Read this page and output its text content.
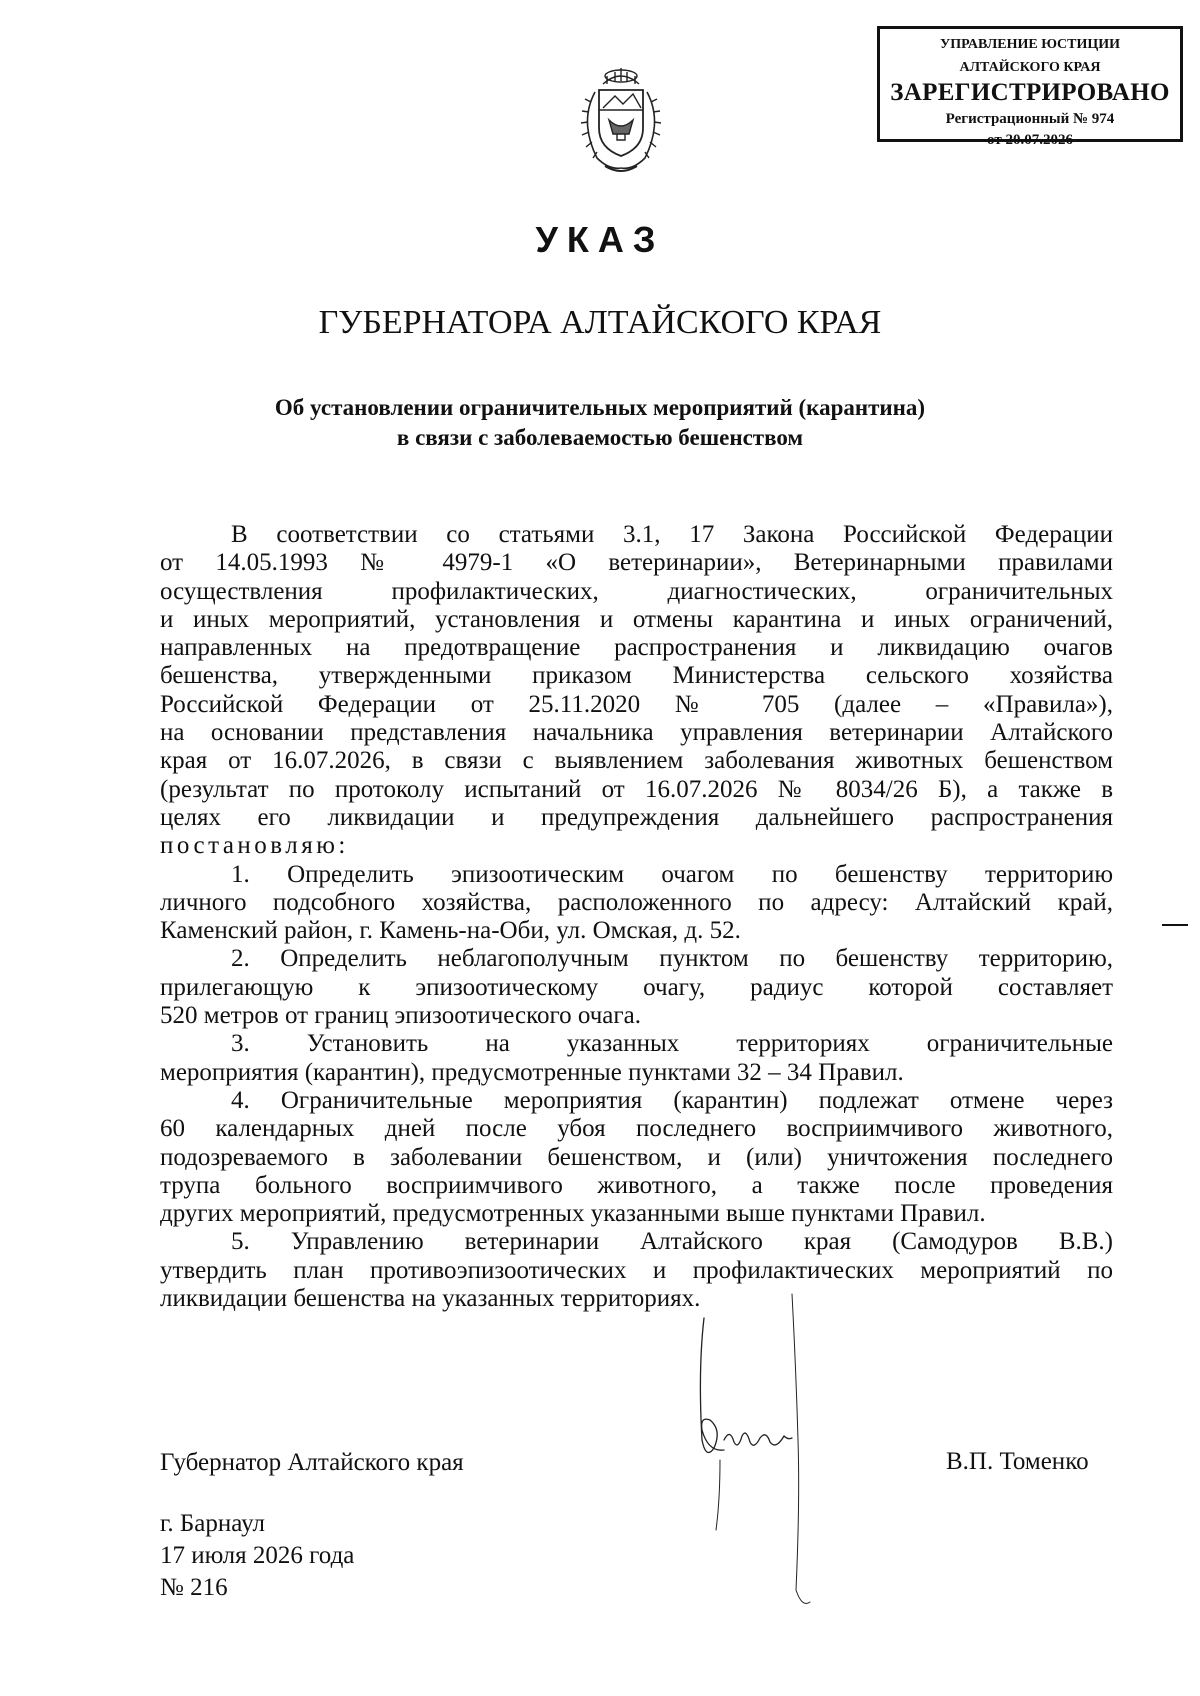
УПРАВЛЕНИЕ ЮСТИЦИИ
АЛТАЙСКОГО КРАЯ
ЗАРЕГИСТРИРОВАНО
Регистрационный № 974
от 20.07.2026
УКАЗ
ГУБЕРНАТОРА АЛТАЙСКОГО КРАЯ
Об установлении ограничительных мероприятий (карантина)
в связи с заболеваемостью бешенством
В соответствии со статьями 3.1, 17 Закона Российской Федерации
от 14.05.1993 № 4979-1 «О ветеринарии», Ветеринарными правилами
осуществления профилактических, диагностических, ограничительных
и иных мероприятий, установления и отмены карантина и иных ограничений,
направленных на предотвращение распространения и ликвидацию очагов
бешенства, утвержденными приказом Министерства сельского хозяйства
Российской Федерации от 25.11.2020 № 705 (далее – «Правила»),
на основании представления начальника управления ветеринарии Алтайского
края от 16.07.2026, в связи с выявлением заболевания животных бешенством
(результат по протоколу испытаний от 16.07.2026 № 8034/26 Б), а также в
целях его ликвидации и предупреждения дальнейшего распространения
постановляю:
1. Определить эпизоотическим очагом по бешенству территорию
личного подсобного хозяйства, расположенного по адресу: Алтайский край,
Каменский район, г. Камень-на-Оби, ул. Омская, д. 52.
2. Определить неблагополучным пунктом по бешенству территорию,
прилегающую к эпизоотическому очагу, радиус которой составляет
520 метров от границ эпизоотического очага.
3. Установить на указанных территориях ограничительные
мероприятия (карантин), предусмотренные пунктами 32 – 34 Правил.
4. Ограничительные мероприятия (карантин) подлежат отмене через
60 календарных дней после убоя последнего восприимчивого животного,
подозреваемого в заболевании бешенством, и (или) уничтожения последнего
трупа больного восприимчивого животного, а также после проведения
других мероприятий, предусмотренных указанными выше пунктами Правил.
5. Управлению ветеринарии Алтайского края (Самодуров В.В.)
утвердить план противоэпизоотических и профилактических мероприятий по
ликвидации бешенства на указанных территориях.
Губернатор Алтайского края	В.П. Томенко
г. Барнаул
17 июля 2026 года
№ 216
